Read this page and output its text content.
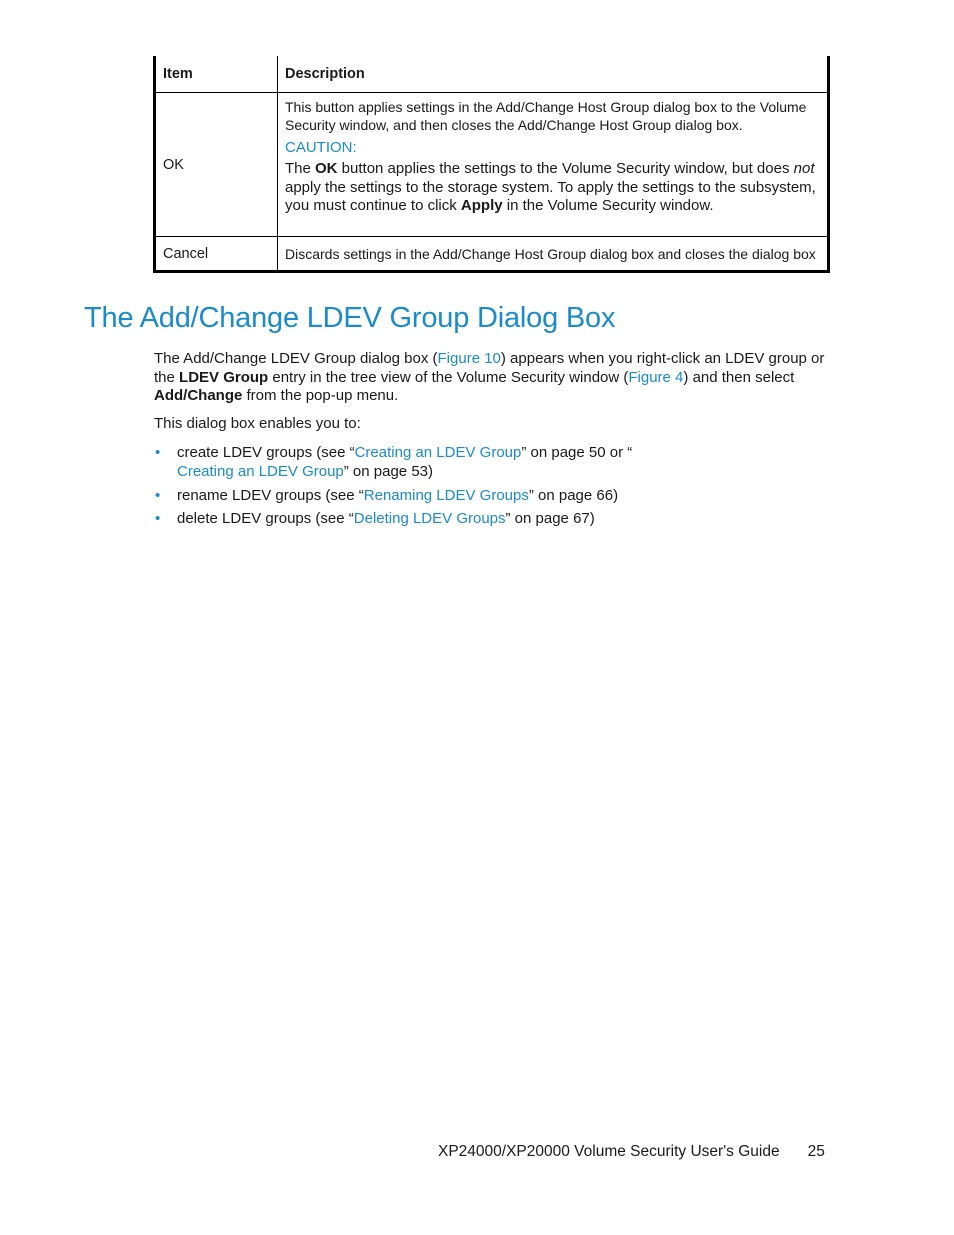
Item	Description
OK

This button applies settings in the Add/Change Host Group dialog box to the Volume Security window, and then closes the Add/Change Host Group dialog box.

CAUTION:

The OK button applies the settings to the Volume Security window, but does not apply the settings to the storage system. To apply the settings to the subsystem, you must continue to click Apply in the Volume Security window.

Cancel	Discards settings in the Add/Change Host Group dialog box and closes the dialog box
The Add/Change LDEV Group Dialog Box

The Add/Change LDEV Group dialog box (Figure 10) appears when you right-click an LDEV group or the LDEV Group entry in the tree view of the Volume Security window (Figure 4) and then select Add/Change from the pop-up menu.

This dialog box enables you to:

• create LDEV groups (see “Creating an LDEV Group” on page 50 or “
Creating an LDEV Group” on page 53)
• rename LDEV groups (see “Renaming LDEV Groups” on page 66)
• delete LDEV groups (see “Deleting LDEV Groups” on page 67)
XP24000/XP20000 Volume Security User's Guide 25
